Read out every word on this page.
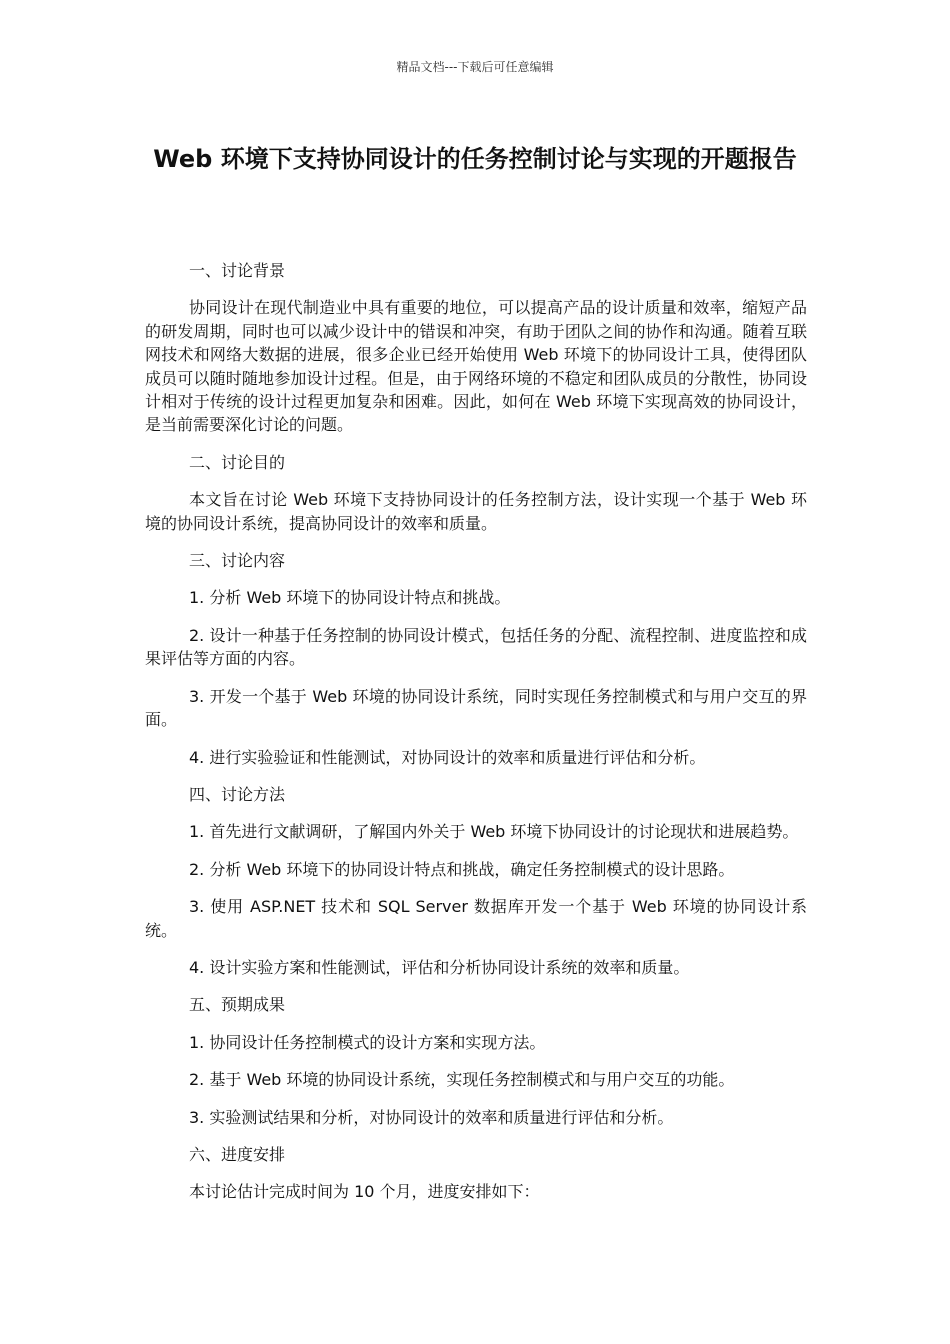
精品文档---下载后可任意编辑
Web 环境下支持协同设计的任务控制讨论与实现的开题报告

一、讨论背景

协同设计在现代制造业中具有重要的地位，可以提高产品的设计质量和效率，缩短产品的研发周期，同时也可以减少设计中的错误和冲突，有助于团队之间的协作和沟通。随着互联网技术和网络大数据的进展，很多企业已经开始使用 Web 环境下的协同设计工具，使得团队成员可以随时随地参加设计过程。但是，由于网络环境的不稳定和团队成员的分散性，协同设计相对于传统的设计过程更加复杂和困难。因此，如何在 Web 环境下实现高效的协同设计，是当前需要深化讨论的问题。

二、讨论目的

本文旨在讨论 Web 环境下支持协同设计的任务控制方法，设计实现一个基于 Web 环境的协同设计系统，提高协同设计的效率和质量。

三、讨论内容

1. 分析 Web 环境下的协同设计特点和挑战。

2. 设计一种基于任务控制的协同设计模式，包括任务的分配、流程控制、进度监控和成果评估等方面的内容。

3. 开发一个基于 Web 环境的协同设计系统，同时实现任务控制模式和与用户交互的界面。

4. 进行实验验证和性能测试，对协同设计的效率和质量进行评估和分析。

四、讨论方法

1. 首先进行文献调研，了解国内外关于 Web 环境下协同设计的讨论现状和进展趋势。

2. 分析 Web 环境下的协同设计特点和挑战，确定任务控制模式的设计思路。

3. 使用 ASP.NET 技术和 SQL Server 数据库开发一个基于 Web 环境的协同设计系统。

4. 设计实验方案和性能测试，评估和分析协同设计系统的效率和质量。

五、预期成果

1. 协同设计任务控制模式的设计方案和实现方法。

2. 基于 Web 环境的协同设计系统，实现任务控制模式和与用户交互的功能。

3. 实验测试结果和分析，对协同设计的效率和质量进行评估和分析。

六、进度安排

本讨论估计完成时间为 10 个月，进度安排如下：
